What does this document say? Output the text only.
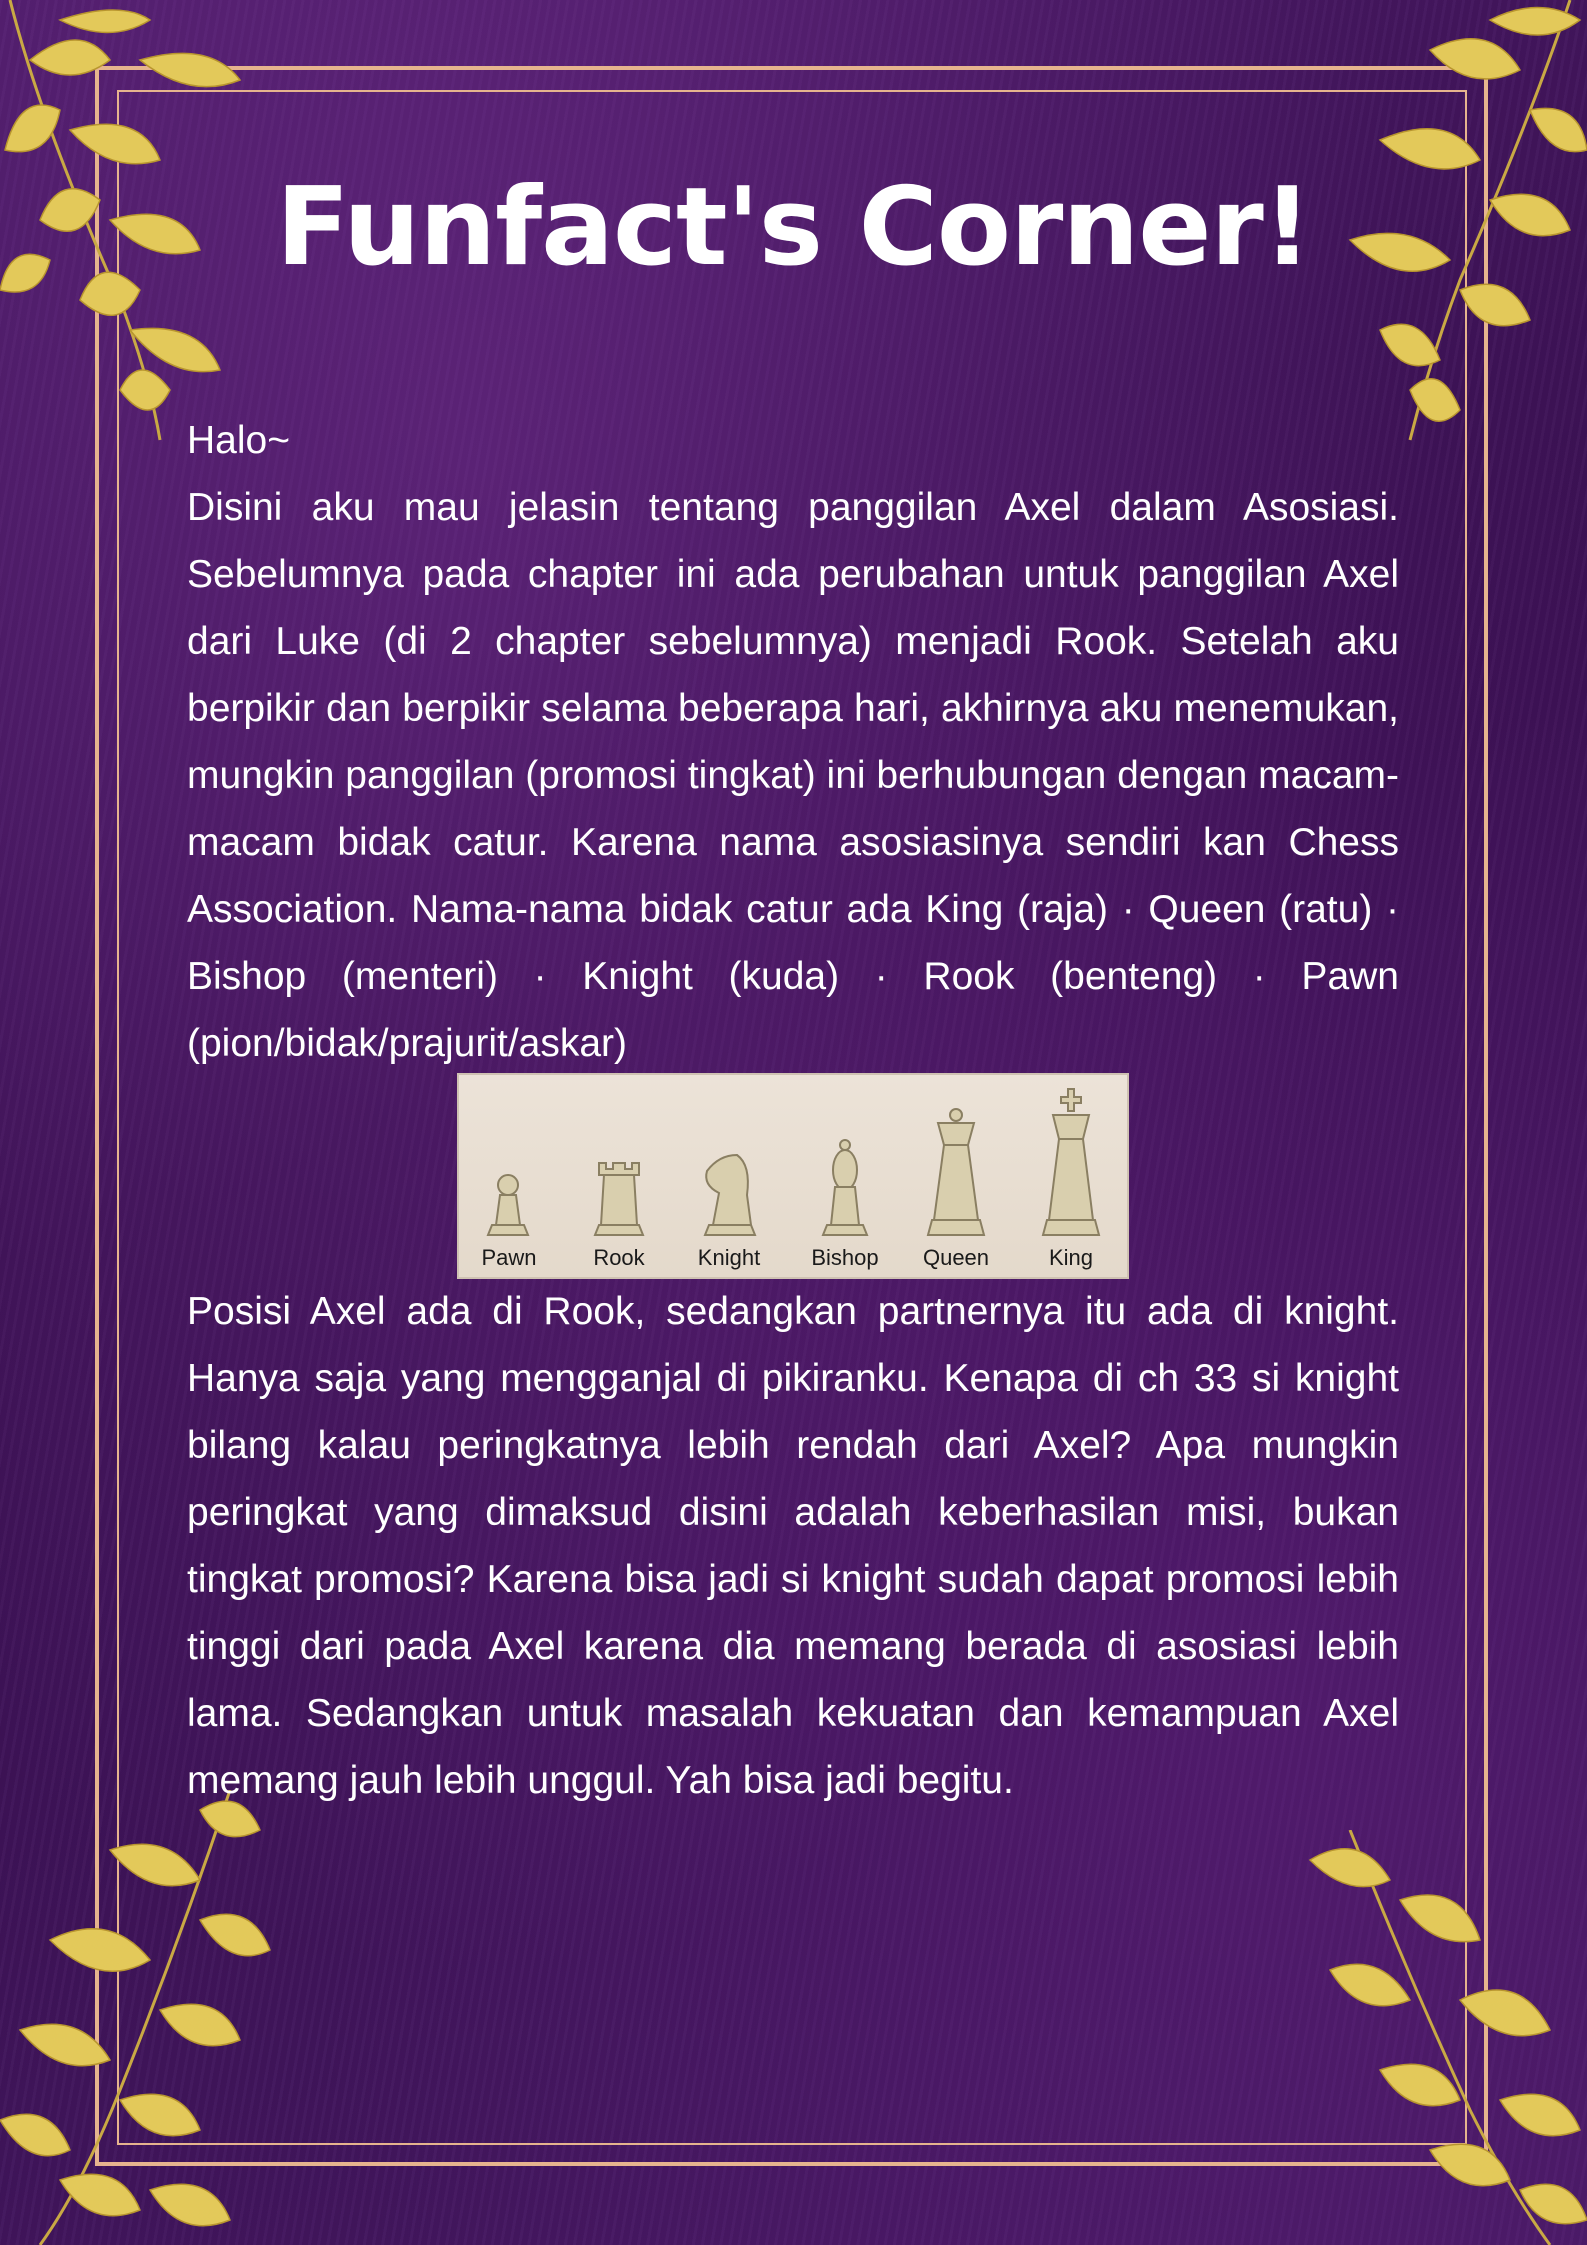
Funfact's Corner!

Halo~

Disini aku mau jelasin tentang panggilan Axel dalam Asosiasi. Sebelumnya pada chapter ini ada perubahan untuk panggilan Axel dari Luke (di 2 chapter sebelumnya) menjadi Rook. Setelah aku berpikir dan berpikir selama beberapa hari, akhirnya aku menemukan, mungkin panggilan (promosi tingkat) ini berhubungan dengan macam-macam bidak catur. Karena nama asosiasinya sendiri kan Chess Association. Nama-nama bidak catur ada King (raja) · Queen (ratu) · Bishop (menteri) · Knight (kuda) · Rook (benteng) · Pawn (pion/bidak/prajurit/askar)

Pawn	Rook	Knight	Bishop	Queen	King

Posisi Axel ada di Rook, sedangkan partnernya itu ada di knight. Hanya saja yang mengganjal di pikiranku. Kenapa di ch 33 si knight bilang kalau peringkatnya lebih rendah dari Axel? Apa mungkin peringkat yang dimaksud disini adalah keberhasilan misi, bukan tingkat promosi? Karena bisa jadi si knight sudah dapat promosi lebih tinggi dari pada Axel karena dia memang berada di asosiasi lebih lama. Sedangkan untuk masalah kekuatan dan kemampuan Axel memang jauh lebih unggul. Yah bisa jadi begitu.
